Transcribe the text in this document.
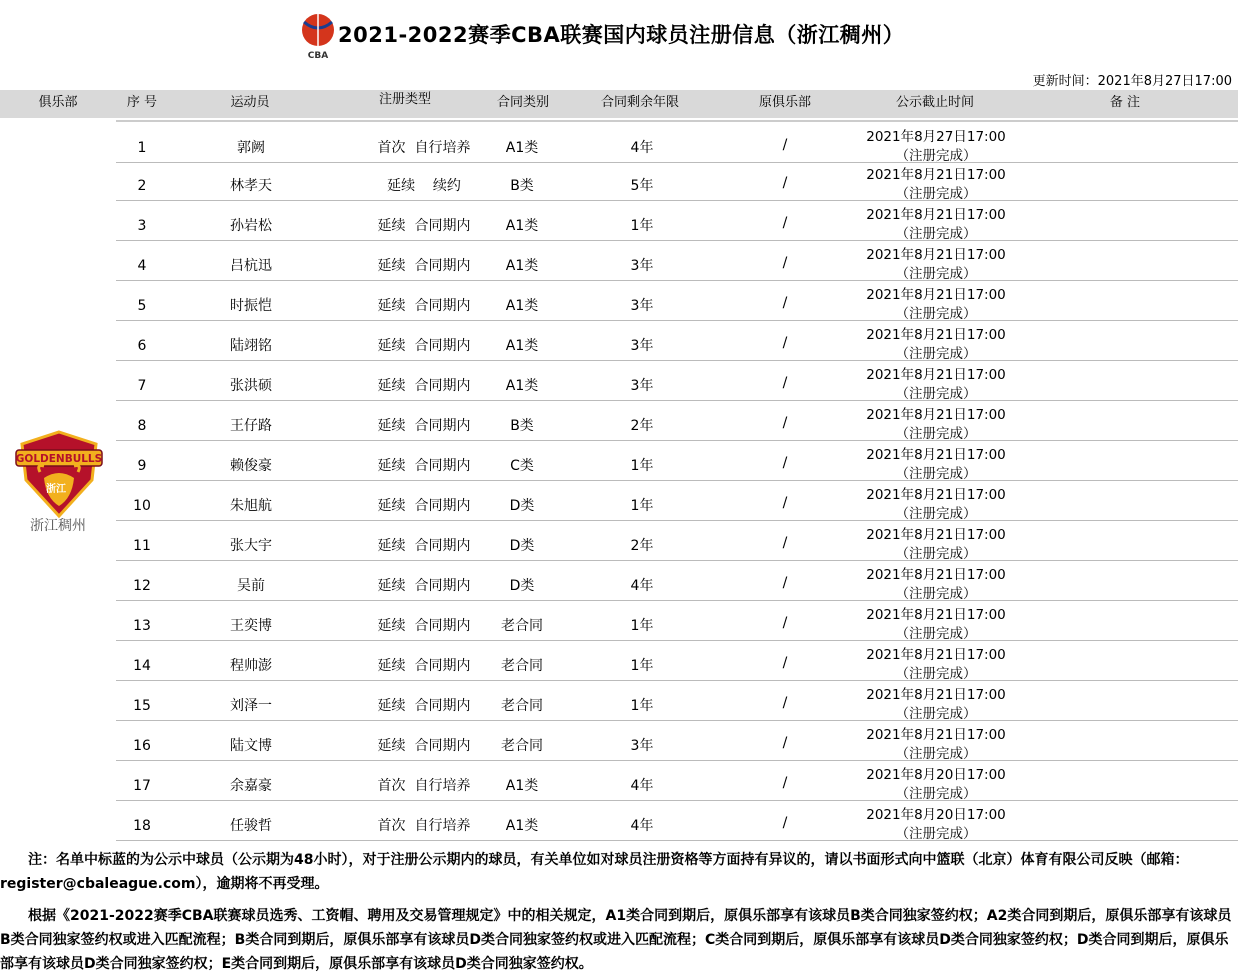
CBA
2021-2022赛季CBA联赛国内球员注册信息（浙江稠州）
更新时间：2021年8月27日17:00
俱乐部	序 号	运动员	注册类型	合同类别	合同剩余年限	原俱乐部	公示截止时间	备 注
GOLDENBULLS
浙江
浙江稠州
1	郭阙	首次  自行培养	A1类	4年	/	2021年8月27日17:00
（注册完成）
2	林孝天	延续    续约	B类	5年	/	2021年8月21日17:00
（注册完成）
3	孙岩松	延续  合同期内	A1类	1年	/	2021年8月21日17:00
（注册完成）
4	吕杭迅	延续  合同期内	A1类	3年	/	2021年8月21日17:00
（注册完成）
5	时振恺	延续  合同期内	A1类	3年	/	2021年8月21日17:00
（注册完成）
6	陆翊铭	延续  合同期内	A1类	3年	/	2021年8月21日17:00
（注册完成）
7	张洪硕	延续  合同期内	A1类	3年	/	2021年8月21日17:00
（注册完成）
8	王仔路	延续  合同期内	B类	2年	/	2021年8月21日17:00
（注册完成）
9	赖俊豪	延续  合同期内	C类	1年	/	2021年8月21日17:00
（注册完成）
10	朱旭航	延续  合同期内	D类	1年	/	2021年8月21日17:00
（注册完成）
11	张大宇	延续  合同期内	D类	2年	/	2021年8月21日17:00
（注册完成）
12	吴前	延续  合同期内	D类	4年	/	2021年8月21日17:00
（注册完成）
13	王奕博	延续  合同期内	老合同	1年	/	2021年8月21日17:00
（注册完成）
14	程帅澎	延续  合同期内	老合同	1年	/	2021年8月21日17:00
（注册完成）
15	刘泽一	延续  合同期内	老合同	1年	/	2021年8月21日17:00
（注册完成）
16	陆文博	延续  合同期内	老合同	3年	/	2021年8月21日17:00
（注册完成）
17	余嘉豪	首次  自行培养	A1类	4年	/	2021年8月20日17:00
（注册完成）
18	任骏哲	首次  自行培养	A1类	4年	/	2021年8月20日17:00
（注册完成）
注：名单中标蓝的为公示中球员（公示期为48小时），对于注册公示期内的球员，有关单位如对球员注册资格等方面持有异议的，请以书面形式向中篮联（北京）体育有限公司反映（邮箱：register@cbaleague.com），逾期将不再受理。
根据《2021-2022赛季CBA联赛球员选秀、工资帽、聘用及交易管理规定》中的相关规定，A1类合同到期后，原俱乐部享有该球员B类合同独家签约权；A2类合同到期后，原俱乐部享有该球员B类合同独家签约权或进入匹配流程；B类合同到期后，原俱乐部享有该球员D类合同独家签约权或进入匹配流程；C类合同到期后，原俱乐部享有该球员D类合同独家签约权；D类合同到期后，原俱乐部享有该球员D类合同独家签约权；E类合同到期后，原俱乐部享有该球员D类合同独家签约权。
